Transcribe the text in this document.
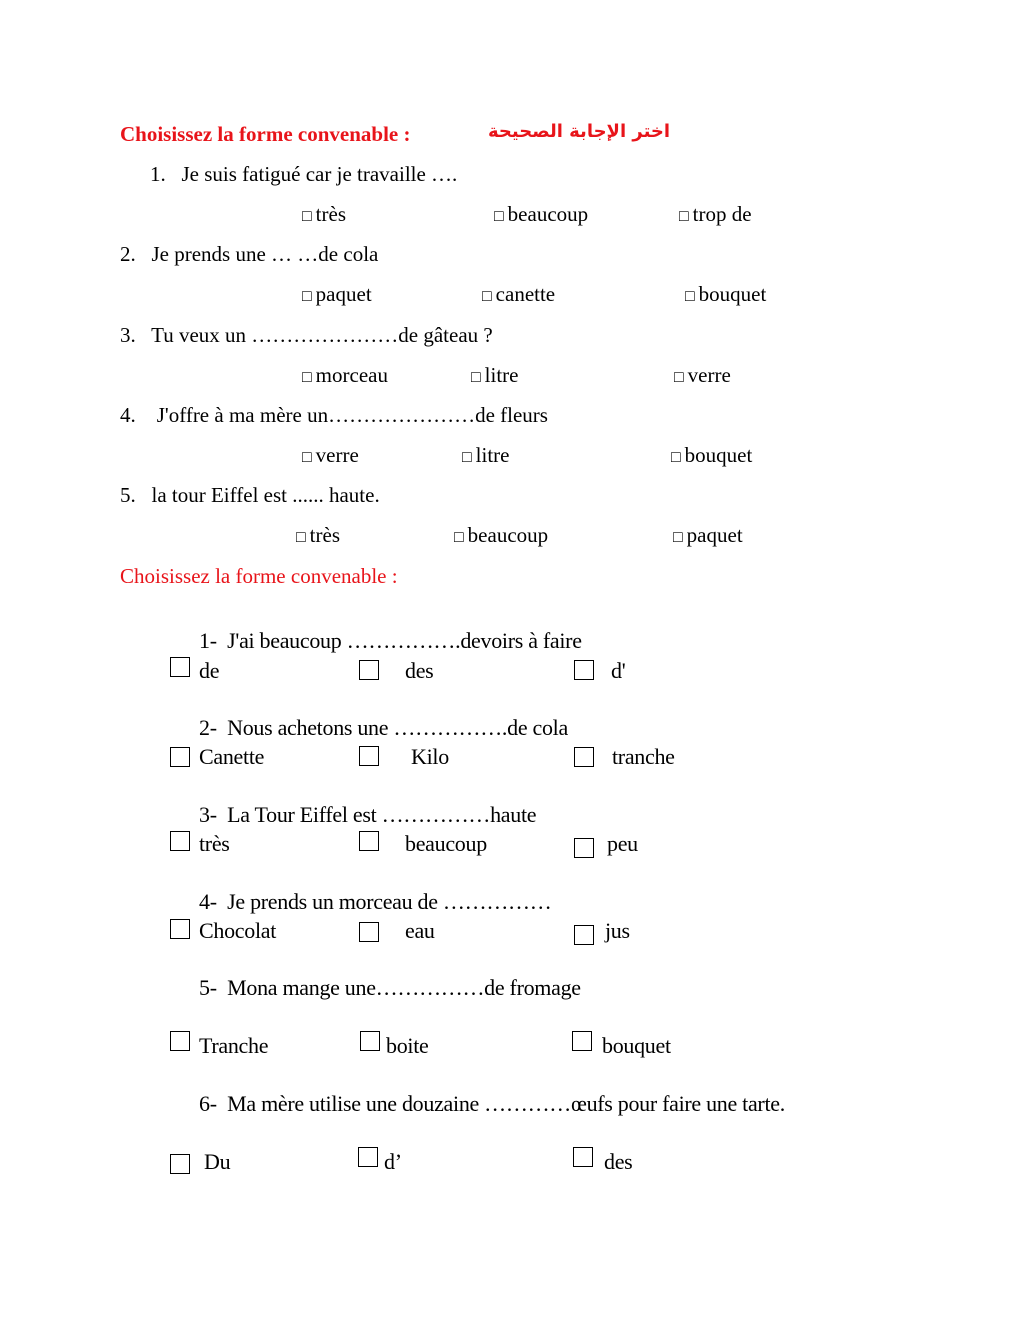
Choisissez la forme convenable :	اختر الإجابة الصحيحة
1. Je suis fatigué car je travaille ….
□ très	□ beaucoup	□ trop de
2. Je prends une … …de cola
□ paquet	□ canette	□ bouquet
3. Tu veux un …………………de gâteau ?
□ morceau	□ litre	□ verre
4. J'offre à ma mère un…………………de fleurs
□ verre	□ litre	□ bouquet
5. la tour Eiffel est ...... haute.
□ très	□ beaucoup	□ paquet
Choisissez la forme convenable :
1- J'ai beaucoup …………….devoirs à faire
de	des	d'
2- Nous achetons une …………….de cola
Canette	Kilo	tranche
3- La Tour Eiffel est ……………haute
très	beaucoup	peu
4- Je prends un morceau de ……………
Chocolat	eau	jus
5- Mona mange une……………de fromage
Tranche	boite	bouquet
6- Ma mère utilise une douzaine …………œufs pour faire une tarte.
Du	d’	des
